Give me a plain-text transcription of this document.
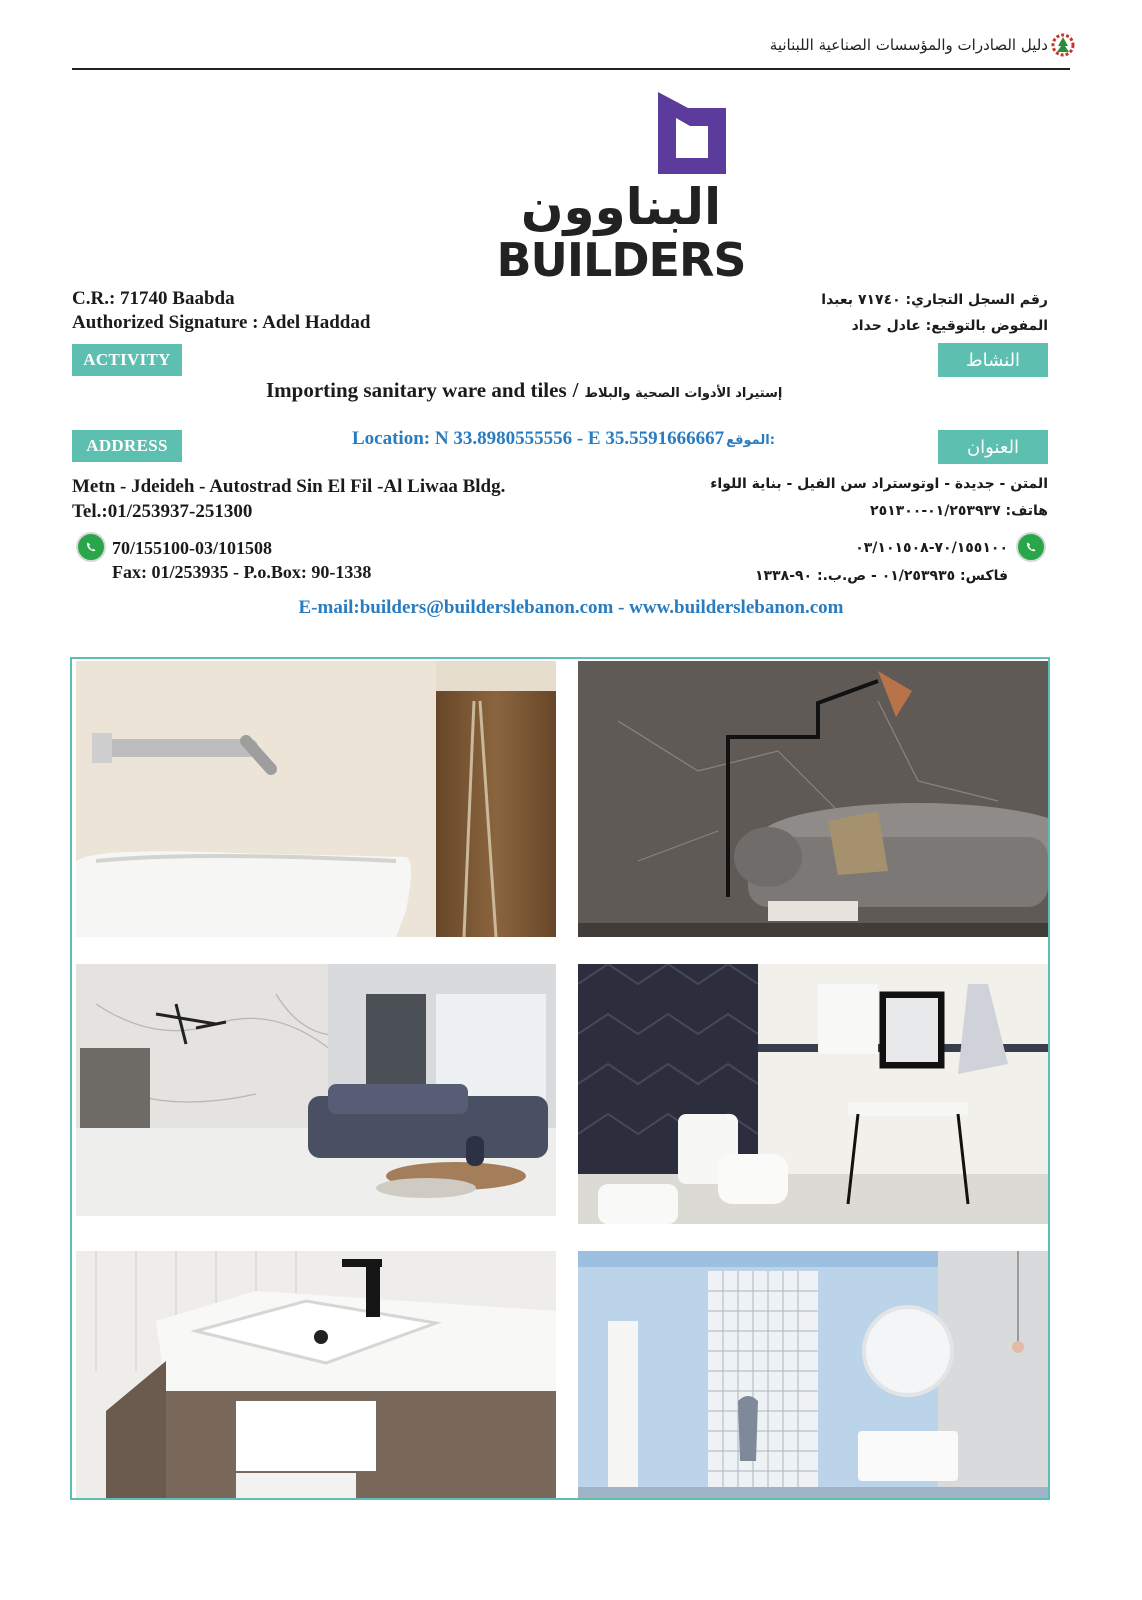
دليل الصادرات والمؤسسات الصناعية اللبنانية
البناوون
BUILDERS
C.R.: 71740 Baabda
Authorized Signature : Adel Haddad
رقم السجل التجاري: ٧١٧٤٠ بعبدا
المفوض بالتوقيع: عادل حداد
ACTIVITY	النشاط
Importing sanitary ware and tiles / إستيراد الأدوات الصحية والبلاط
ADDRESS	العنوان
Location: N 33.8980555556 - E 35.5591666667 الموقع:
Metn - Jdeideh - Autostrad Sin El Fil -Al Liwaa Bldg.
Tel.:01/253937-251300
المتن - جديدة - اوتوستراد سن الفيل - بناية اللواء
هاتف: ٠١/٢٥٣٩٣٧-٢٥١٣٠٠
70/155100-03/101508
Fax: 01/253935 - P.o.Box: 90-1338
٧٠/١٥٥١٠٠-٠٣/١٠١٥٠٨
فاكس: ٠١/٢٥٣٩٣٥ - ص.ب.: ٩٠-١٣٣٨
E-mail:builders@builderslebanon.com - www.builderslebanon.com
